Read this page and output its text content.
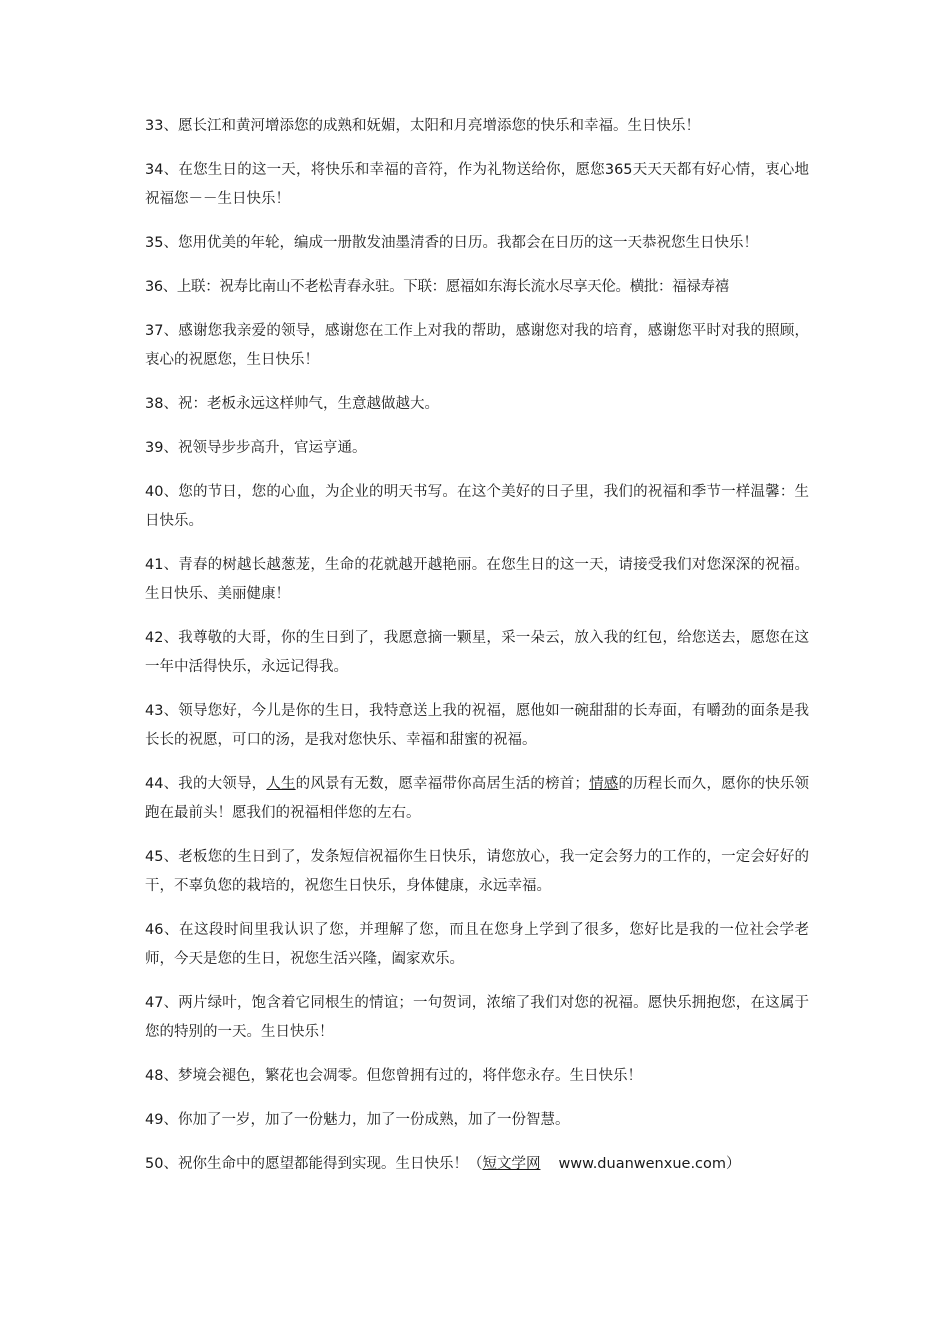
33、愿长江和黄河增添您的成熟和妩媚，太阳和月亮增添您的快乐和幸福。生日快乐！

34、在您生日的这一天，将快乐和幸福的音符，作为礼物送给你，愿您365天天天都有好心情，衷心地祝福您－－生日快乐！

35、您用优美的年轮，编成一册散发油墨清香的日历。我都会在日历的这一天恭祝您生日快乐！

36、上联：祝寿比南山不老松青春永驻。下联：愿福如东海长流水尽享天伦。横批：福禄寿禧

37、感谢您我亲爱的领导，感谢您在工作上对我的帮助，感谢您对我的培育，感谢您平时对我的照顾，衷心的祝愿您，生日快乐！

38、祝：老板永远这样帅气，生意越做越大。

39、祝领导步步高升，官运亨通。

40、您的节日，您的心血，为企业的明天书写。在这个美好的日子里，我们的祝福和季节一样温馨：生日快乐。

41、青春的树越长越葱茏，生命的花就越开越艳丽。在您生日的这一天，请接受我们对您深深的祝福。生日快乐、美丽健康！

42、我尊敬的大哥，你的生日到了，我愿意摘一颗星，采一朵云，放入我的红包，给您送去，愿您在这一年中活得快乐，永远记得我。

43、领导您好，今儿是你的生日，我特意送上我的祝福，愿他如一碗甜甜的长寿面，有嚼劲的面条是我长长的祝愿，可口的汤，是我对您快乐、幸福和甜蜜的祝福。

44、我的大领导，人生的风景有无数，愿幸福带你高居生活的榜首；情感的历程长而久，愿你的快乐领跑在最前头！愿我们的祝福相伴您的左右。

45、老板您的生日到了，发条短信祝福你生日快乐，请您放心，我一定会努力的工作的，一定会好好的干，不辜负您的栽培的，祝您生日快乐，身体健康，永远幸福。

46、在这段时间里我认识了您，并理解了您，而且在您身上学到了很多，您好比是我的一位社会学老师，今天是您的生日，祝您生活兴隆，阖家欢乐。

47、两片绿叶，饱含着它同根生的情谊；一句贺词，浓缩了我们对您的祝福。愿快乐拥抱您，在这属于您的特别的一天。生日快乐！

48、梦境会褪色，繁花也会凋零。但您曾拥有过的，将伴您永存。生日快乐！

49、你加了一岁，加了一份魅力，加了一份成熟，加了一份智慧。

50、祝你生命中的愿望都能得到实现。生日快乐！（短文学网 www.duanwenxue.com）
